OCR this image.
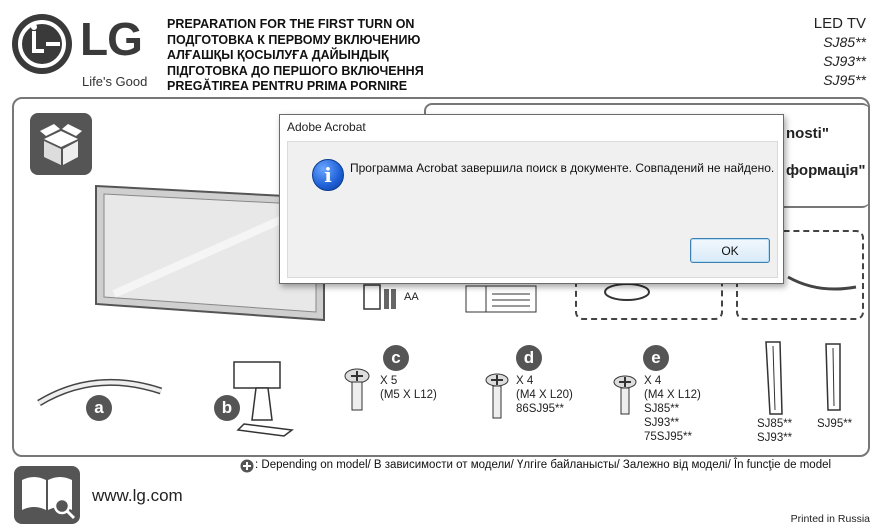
LG
Life's Good
PREPARATION FOR THE FIRST TURN ON
ПОДГОТОВКА К ПЕРВОМУ ВКЛЮЧЕНИЮ
АЛҒАШҚЫ ҚОСЫЛУҒА ДАЙЫНДЫҚ
ПІДГОТОВКА ДО ПЕРШОГО ВКЛЮЧЕННЯ
PREGĂTIREA PENTRU PRIMA PORNIRE
LED TV
SJ85**
SJ93**
SJ95**
nosti"
формація"
AA
a	b
c
X 5
(M5 X L12)
d
X 4
(M4 X L20)
86SJ95**
e
X 4
(M4 X L12)
SJ85**
SJ93**
75SJ95**
SJ85**
SJ93**
SJ95**
: Depending on model/ В зависимости от модели/ Үлгіге байланысты/ Залежно від моделі/ În funcţie de model
www.lg.com
Printed in Russia
Adobe Acrobat
i	Программа Acrobat завершила поиск в документе. Совпадений не найдено.
OK
